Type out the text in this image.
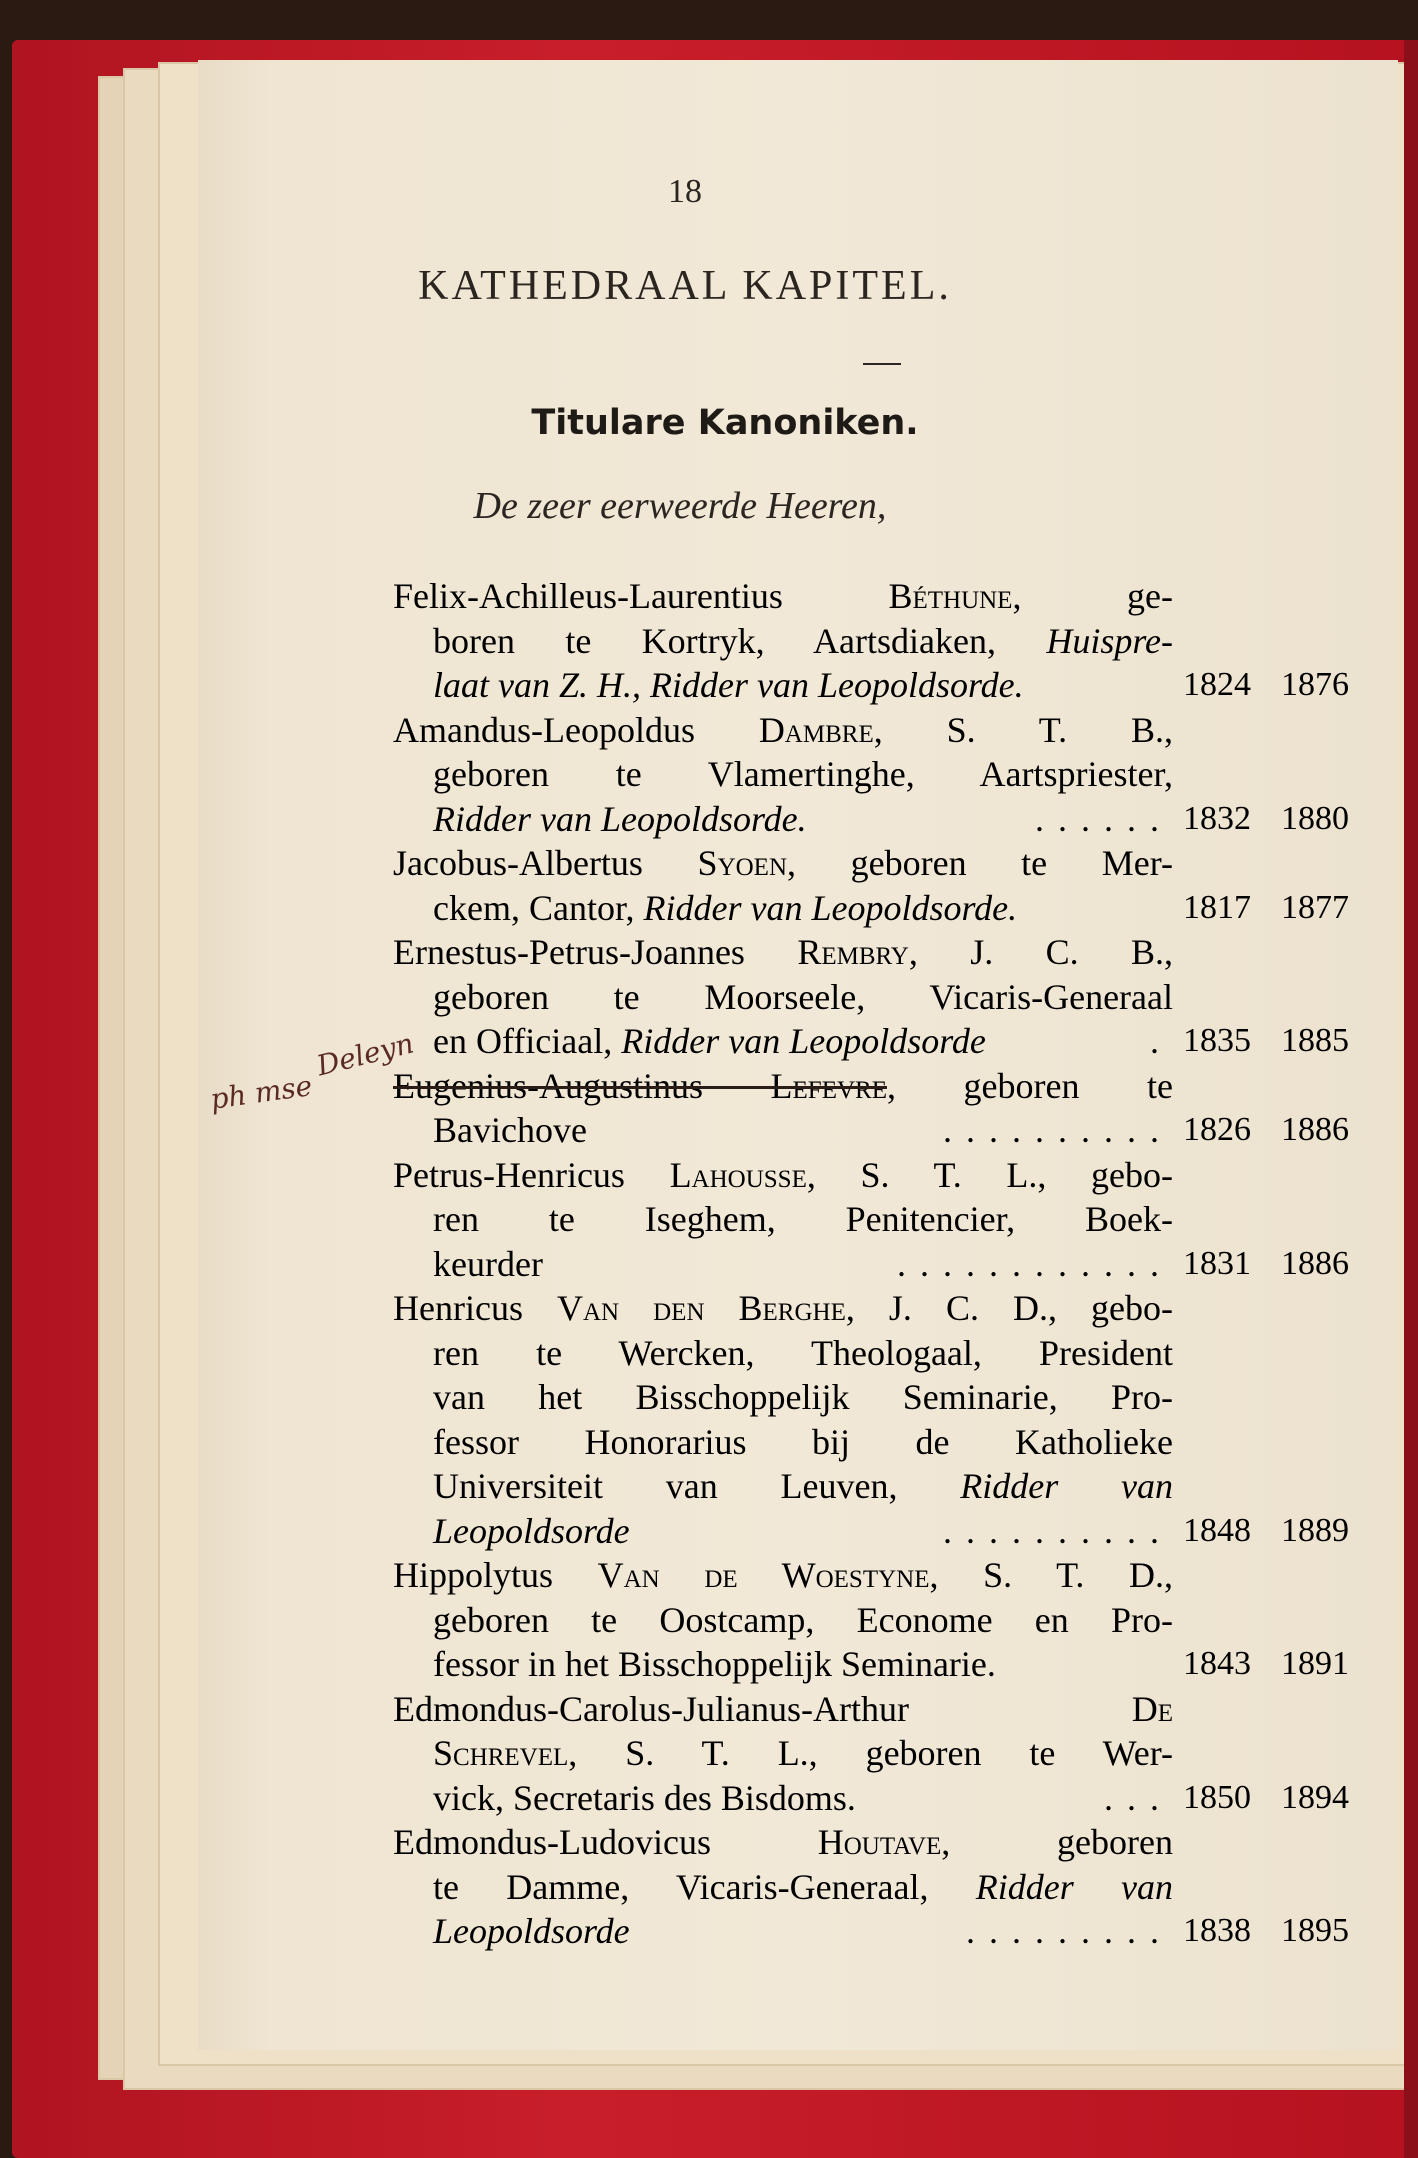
18
KATHEDRAAL KAPITEL.
Titulare Kanoniken.
De zeer eerweerde Heeren,
ph mse
Deleyn
Felix-Achilleus-Laurentius Béthune, ge-
boren te Kortryk, Aartsdiaken, Huispre-
laat van Z. H., Ridder van Leopoldsorde.	1824 1876
Amandus-Leopoldus Dambre, S. T. B.,
geboren te Vlamertinghe, Aartspriester,
Ridder van Leopoldsorde.	...... 1832 1880
Jacobus-Albertus Syoen, geboren te Mer-
ckem, Cantor, Ridder van Leopoldsorde.	1817 1877
Ernestus-Petrus-Joannes Rembry, J. C. B.,
geboren te Moorseele, Vicaris-Generaal
en Officiaal, Ridder van Leopoldsorde	. 1835 1885
Eugenius-Augustinus Lefevre, geboren te
Bavichove	.......... 1826 1886
Petrus-Henricus Lahousse, S. T. L., gebo-
ren te Iseghem, Penitencier, Boek-
keurder	............ 1831 1886
Henricus Van den Berghe, J. C. D., gebo-
ren te Wercken, Theologaal, President
van het Bisschoppelijk Seminarie, Pro-
fessor Honorarius bij de Katholieke
Universiteit van Leuven, Ridder van
Leopoldsorde	.......... 1848 1889
Hippolytus Van de Woestyne, S. T. D.,
geboren te Oostcamp, Econome en Pro-
fessor in het Bisschoppelijk Seminarie.	1843 1891
Edmondus-Carolus-Julianus-Arthur De
Schrevel, S. T. L., geboren te Wer-
vick, Secretaris des Bisdoms.	... 1850 1894
Edmondus-Ludovicus Houtave, geboren
te Damme, Vicaris-Generaal, Ridder van
Leopoldsorde	......... 1838 1895
